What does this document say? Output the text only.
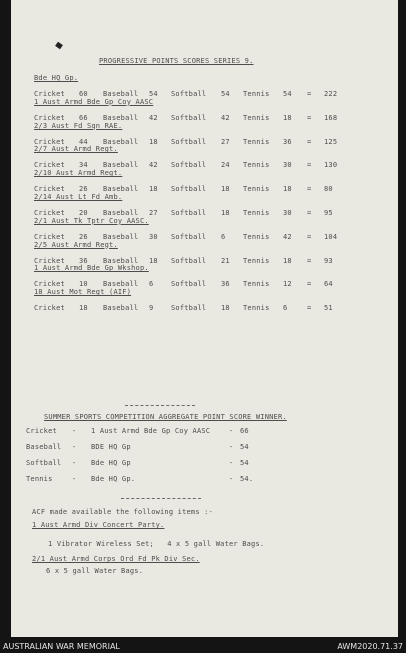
PROGRESSIVE POINTS SCORES SERIES 9.
Bde HQ Gp.
Cricket 60 Baseball 54 Softball 54 Tennis 54 = 222
1 Aust Armd Bde Gp Coy AASC
Cricket 66 Baseball 42 Softball 42 Tennis 18 = 168
2/3 Aust Fd Sqn RAE.
Cricket 44 Baseball 18 Softball 27 Tennis 36 = 125
2/7 Aust Armd Regt.
Cricket 34 Baseball 42 Softball 24 Tennis 30 = 130
2/10 Aust Armd Regt.
Cricket 26 Baseball 18 Softball 18 Tennis 18 = 80
2/14 Aust Lt Fd Amb.
Cricket 20 Baseball 27 Softball 18 Tennis 30 = 95
2/1 Aust Tk Tptr Coy AASC.
Cricket 26 Baseball 30 Softball 6	Tennis 42 = 104
2/5 Aust Armd Regt.
Cricket 36 Baseball 18 Softball 21 Tennis 18 = 93
1 Aust Armd Bde Gp Wkshop.
Cricket 10 Baseball 6	Softball 36 Tennis 12 = 64
18 Aust Mot Regt (AIF)
Cricket 18 Baseball 9	Softball 18 Tennis 6	= 51
SUMMER SPORTS COMPETITION AGGREGATE POINT SCORE WINNER.
Cricket - 1 Aust Armd Bde Gp Coy AASC	- 66
Baseball - BDE HQ Gp	- 54
Softball - Bde HQ Gp	- 54
Tennis	- Bde HQ Gp.	- 54.
ACF made available the following items :-
1 Aust Armd Div Concert Party.
1 Vibrator Wireless Set;   4 x 5 gall Water Bags.
2/1 Aust Armd Corps Ord Fd Pk Div Sec.
6 x 5 gall Water Bags.
AUSTRALIAN WAR MEMORIAL	AWM2020.71.37
